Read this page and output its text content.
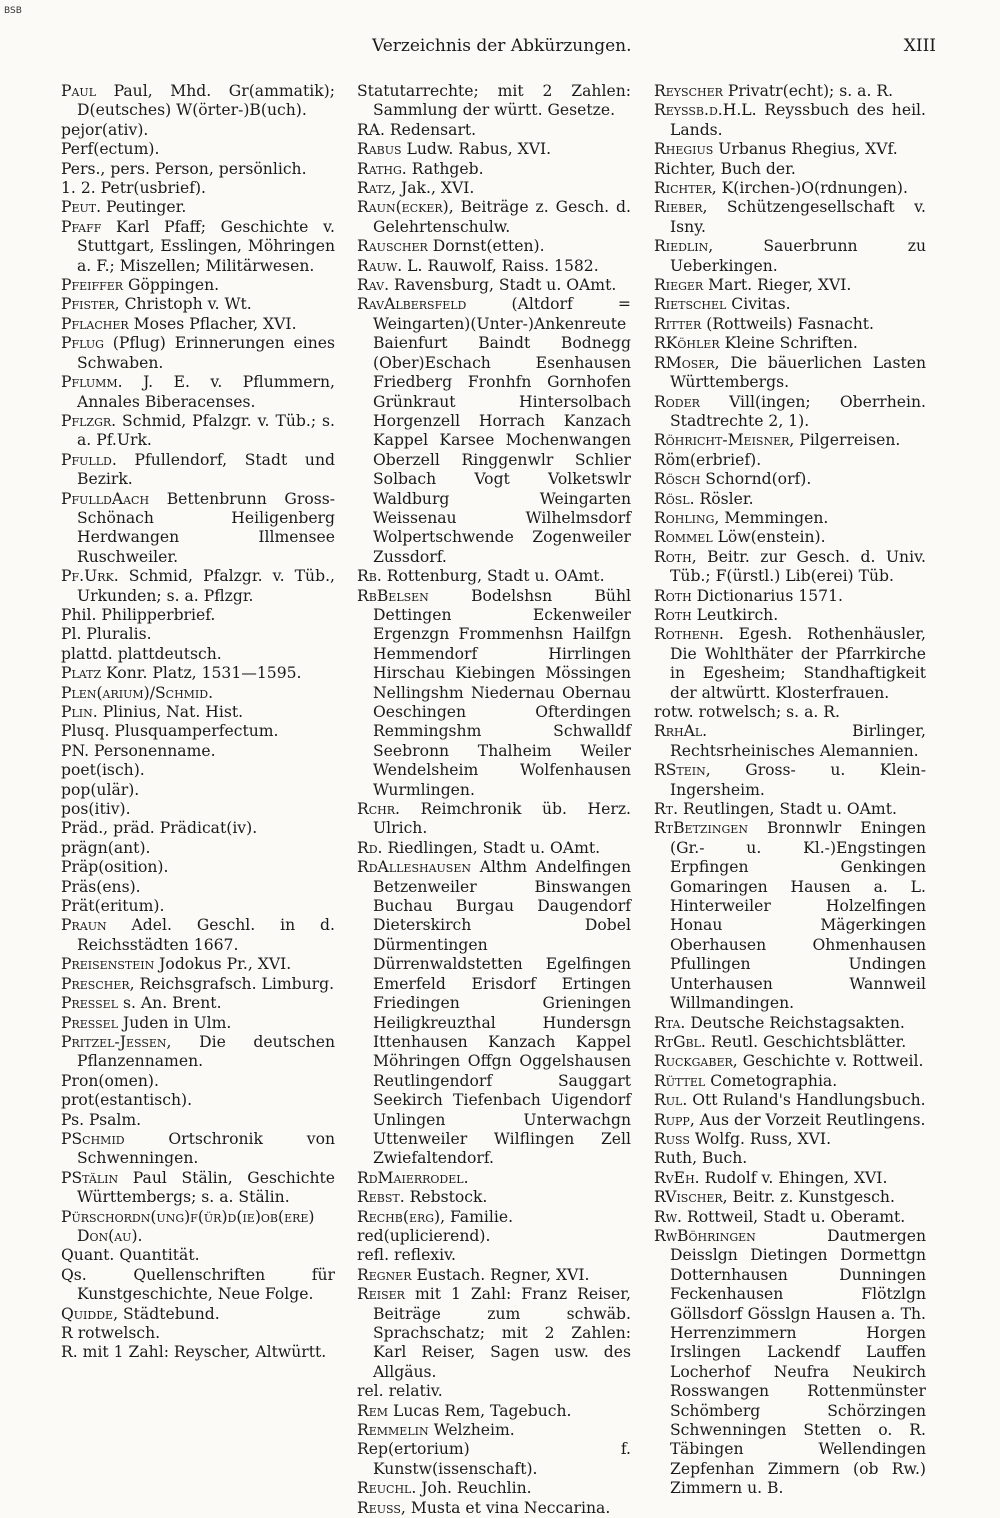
BSB
Verzeichnis der Abkürzungen.	XIII
Paul Paul, Mhd. Gr(ammatik); D(eutsches) W(örter-)B(uch).
pejor(ativ).
Perf(ectum).
Pers., pers. Person, persönlich.
1. 2. Petr(usbrief).
Peut. Peutinger.
Pfaff Karl Pfaff; Geschichte v. Stuttgart, Esslingen, Möhringen a. F.; Miszellen; Militärwesen.
Pfeiffer Göppingen.
Pfister, Christoph v. Wt.
Pflacher Moses Pflacher, XVI.
Pflug (Pflug) Erinnerungen eines Schwaben.
Pflumm. J. E. v. Pflummern, Annales Biberacenses.
Pflzgr. Schmid, Pfalzgr. v. Tüb.; s. a. Pf.Urk.
Pfulld. Pfullendorf, Stadt und Bezirk.
PfulldAach Bettenbrunn Gross-Schönach Heiligenberg Herdwangen Illmensee Ruschweiler.
Pf.Urk. Schmid, Pfalzgr. v. Tüb., Urkunden; s. a. Pflzgr.
Phil. Philipperbrief.
Pl. Pluralis.
plattd. plattdeutsch.
Platz Konr. Platz, 1531—1595.
Plen(arium)/Schmid.
Plin. Plinius, Nat. Hist.
Plusq. Plusquamperfectum.
PN. Personenname.
poet(isch).
pop(ulär).
pos(itiv).
Präd., präd. Prädicat(iv).
prägn(ant).
Präp(osition).
Präs(ens).
Prät(eritum).
Praun Adel. Geschl. in d. Reichsstädten 1667.
Preisenstein Jodokus Pr., XVI.
Prescher, Reichsgrafsch. Limburg.
Pressel s. An. Brent.
Pressel Juden in Ulm.
Pritzel-Jessen, Die deutschen Pflanzennamen.
Pron(omen).
prot(estantisch).
Ps. Psalm.
PSchmid Ortschronik von Schwenningen.
PStälin Paul Stälin, Geschichte Württembergs; s. a. Stälin.
Pürschordn(ung)f(ür)d(ie)ob(ere) Don(au).
Quant. Quantität.
Qs. Quellenschriften für Kunstgeschichte, Neue Folge.
Quidde, Städtebund.
R rotwelsch.
R. mit 1 Zahl: Reyscher, Altwürtt.
Statutarrechte; mit 2 Zahlen: Sammlung der württ. Gesetze.
RA. Redensart.
Rabus Ludw. Rabus, XVI.
Rathg. Rathgeb.
Ratz, Jak., XVI.
Raun(ecker), Beiträge z. Gesch. d. Gelehrtenschulw.
Rauscher Dornst(etten).
Rauw. L. Rauwolf, Raiss. 1582.
Rav. Ravensburg, Stadt u. OAmt.
RavAlbersfeld (Altdorf = Weingarten)(Unter-)Ankenreute Baienfurt Baindt Bodnegg (Ober)Eschach Esenhausen Friedberg Fronhfn Gornhofen Grünkraut Hintersolbach Horgenzell Horrach Kanzach Kappel Karsee Mochenwangen Oberzell Ringgenwlr Schlier Solbach Vogt Volketswlr Waldburg Weingarten Weissenau Wilhelmsdorf Wolpertschwende Zogenweiler Zussdorf.
Rb. Rottenburg, Stadt u. OAmt.
RbBelsen Bodelshsn Bühl Dettingen Eckenweiler Ergenzgn Frommenhsn Hailfgn Hemmendorf Hirrlingen Hirschau Kiebingen Mössingen Nellingshm Niedernau Obernau Oeschingen Ofterdingen Remmingshm Schwalldf Seebronn Thalheim Weiler Wendelsheim Wolfenhausen Wurmlingen.
Rchr. Reimchronik üb. Herz. Ulrich.
Rd. Riedlingen, Stadt u. OAmt.
RdAlleshausen Althm Andelfingen Betzenweiler Binswangen Buchau Burgau Daugendorf Dieterskirch Dobel Dürmentingen Dürrenwaldstetten Egelfingen Emerfeld Erisdorf Ertingen Friedingen Grieningen Heiligkreuzthal Hundersgn Ittenhausen Kanzach Kappel Möhringen Offgn Oggelshausen Reutlingendorf Sauggart Seekirch Tiefenbach Uigendorf Unlingen Unterwachgn Uttenweiler Wilflingen Zell Zwiefaltendorf.
RdMaierrodel.
Rebst. Rebstock.
Rechb(erg), Familie.
red(uplicierend).
refl. reflexiv.
Regner Eustach. Regner, XVI.
Reiser mit 1 Zahl: Franz Reiser, Beiträge zum schwäb. Sprachschatz; mit 2 Zahlen: Karl Reiser, Sagen usw. des Allgäus.
rel. relativ.
Rem Lucas Rem, Tagebuch.
Remmelin Welzheim.
Rep(ertorium) f. Kunstw(issenschaft).
Reuchl. Joh. Reuchlin.
Reuss, Musta et vina Neccarina.
Reyscher Privatr(echt); s. a. R.
Reyssb.d.H.L. Reyssbuch des heil. Lands.
Rhegius Urbanus Rhegius, XVf.
Richter, Buch der.
Richter, K(irchen-)O(rdnungen).
Rieber, Schützengesellschaft v. Isny.
Riedlin, Sauerbrunn zu Ueberkingen.
Rieger Mart. Rieger, XVI.
Rietschel Civitas.
Ritter (Rottweils) Fasnacht.
RKöhler Kleine Schriften.
RMoser, Die bäuerlichen Lasten Württembergs.
Roder Vill(ingen; Oberrhein. Stadtrechte 2, 1).
Röhricht-Meisner, Pilgerreisen.
Röm(erbrief).
Rösch Schornd(orf).
Rösl. Rösler.
Rohling, Memmingen.
Rommel Löw(enstein).
Roth, Beitr. zur Gesch. d. Univ. Tüb.; F(ürstl.) Lib(erei) Tüb.
Roth Dictionarius 1571.
Roth Leutkirch.
Rothenh. Egesh. Rothenhäusler, Die Wohlthäter der Pfarrkirche in Egesheim; Standhaftigkeit der altwürtt. Klosterfrauen.
rotw. rotwelsch; s. a. R.
RrhAl. Birlinger, Rechtsrheinisches Alemannien.
RStein, Gross- u. Klein-Ingersheim.
Rt. Reutlingen, Stadt u. OAmt.
RtBetzingen Bronnwlr Eningen (Gr.- u. Kl.-)Engstingen Erpfingen Genkingen Gomaringen Hausen a. L. Hinterweiler Holzelfingen Honau Mägerkingen Oberhausen Ohmenhausen Pfullingen Undingen Unterhausen Wannweil Willmandingen.
Rta. Deutsche Reichstagsakten.
RtGbl. Reutl. Geschichtsblätter.
Ruckgaber, Geschichte v. Rottweil.
Rüttel Cometographia.
Rul. Ott Ruland's Handlungsbuch.
Rupp, Aus der Vorzeit Reutlingens.
Russ Wolfg. Russ, XVI.
Ruth, Buch.
RvEh. Rudolf v. Ehingen, XVI.
RVischer, Beitr. z. Kunstgesch.
Rw. Rottweil, Stadt u. Oberamt.
RwBöhringen Dautmergen Deisslgn Dietingen Dormettgn Dotternhausen Dunningen Feckenhausen Flötzlgn Göllsdorf Gösslgn Hausen a. Th. Herrenzimmern Horgen Irslingen Lackendf Lauffen Locherhof Neufra Neukirch Rosswangen Rottenmünster Schömberg Schörzingen Schwenningen Stetten o. R. Täbingen Wellendingen Zepfenhan Zimmern (ob Rw.) Zimmern u. B.
